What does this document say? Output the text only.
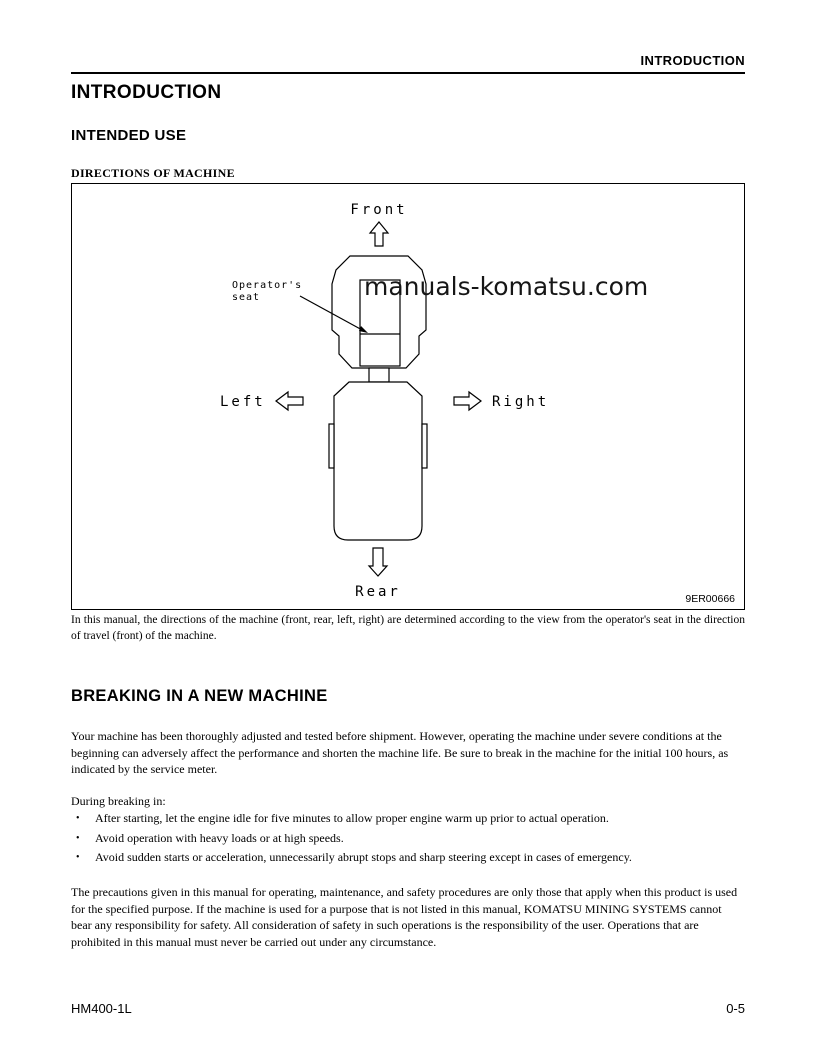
INTRODUCTION
INTRODUCTION
INTENDED USE
DIRECTIONS OF MACHINE
Front
Left	Right
Rear
Operator's
seat	manuals-komatsu.com
9ER00666

In this manual, the directions of the machine (front, rear, left, right) are determined according to the view from the operator's seat in the direction of travel (front) of the machine.

BREAKING IN A NEW MACHINE

Your machine has been thoroughly adjusted and tested before shipment. However, operating the machine under severe conditions at the beginning can adversely affect the performance and shorten the machine life. Be sure to break in the machine for the initial 100 hours, as indicated by the service meter.

During breaking in:

•	After starting, let the engine idle for five minutes to allow proper engine warm up prior to actual operation.
•	Avoid operation with heavy loads or at high speeds.
•	Avoid sudden starts or acceleration, unnecessarily abrupt stops and sharp steering except in cases of emergency.

The precautions given in this manual for operating, maintenance, and safety procedures are only those that apply when this product is used for the specified purpose. If the machine is used for a purpose that is not listed in this manual, KOMATSU MINING SYSTEMS cannot bear any responsibility for safety. All consideration of safety in such operations is the responsibility of the user. Operations that are prohibited in this manual must never be carried out under any circumstance.

HM400-1L	0-5
